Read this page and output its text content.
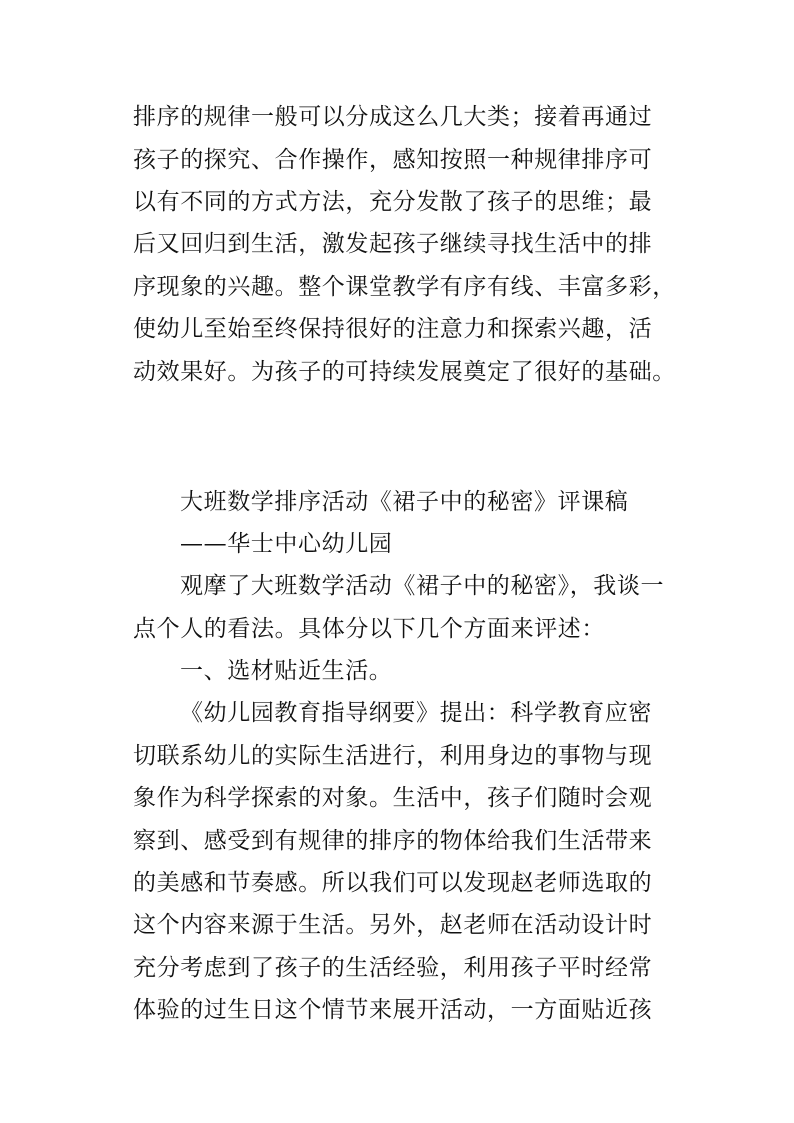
排序的规律一般可以分成这么几大类；接着再通过
孩子的探究、合作操作，感知按照一种规律排序可
以有不同的方式方法，充分发散了孩子的思维；最
后又回归到生活，激发起孩子继续寻找生活中的排
序现象的兴趣。整个课堂教学有序有线、丰富多彩，
使幼儿至始至终保持很好的注意力和探索兴趣，活
动效果好。为孩子的可持续发展奠定了很好的基础。
大班数学排序活动《裙子中的秘密》评课稿
——华士中心幼儿园
观摩了大班数学活动《裙子中的秘密》，我谈一
点个人的看法。具体分以下几个方面来评述：
一、选材贴近生活。
《幼儿园教育指导纲要》提出：科学教育应密
切联系幼儿的实际生活进行，利用身边的事物与现
象作为科学探索的对象。生活中，孩子们随时会观
察到、感受到有规律的排序的物体给我们生活带来
的美感和节奏感。所以我们可以发现赵老师选取的
这个内容来源于生活。另外，赵老师在活动设计时
充分考虑到了孩子的生活经验，利用孩子平时经常
体验的过生日这个情节来展开活动，一方面贴近孩
